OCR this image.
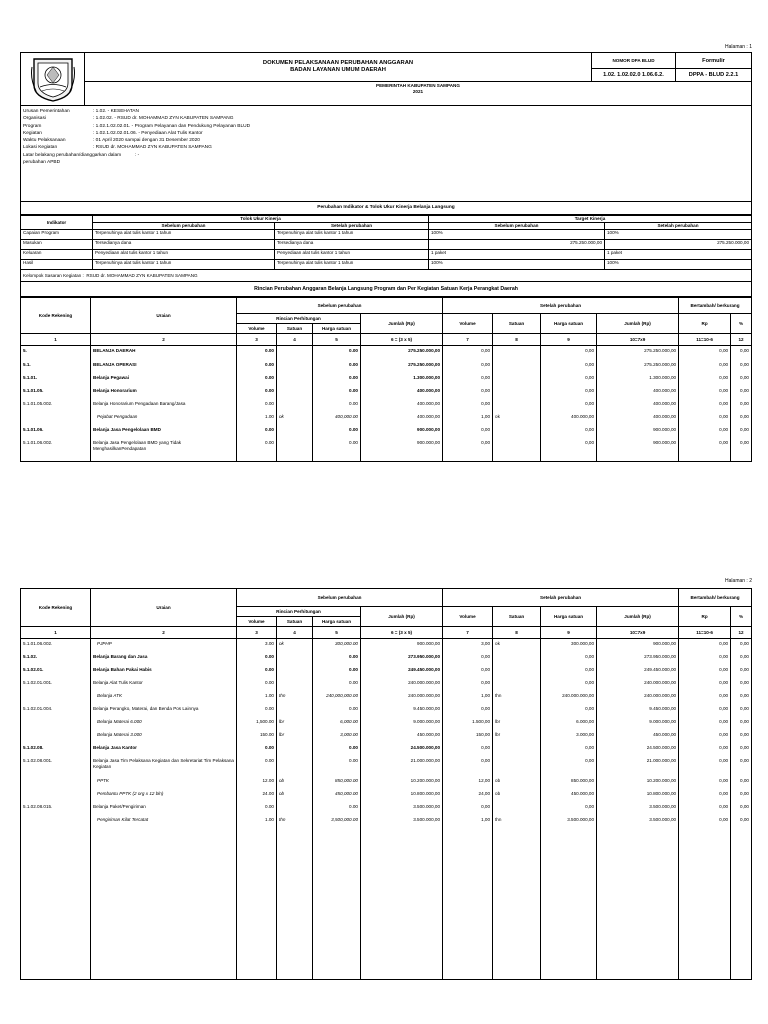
Halaman : 1

DOKUMEN PELAKSANAAN PERUBAHAN ANGGARAN
BADAN LAYANAN UMUM DAERAH	NOMOR DPA BLUD	Formulir
		1.02. 1.02.02.0 1.06.6.2.	DPPA - BLUD 2.2.1

	PEMERINTAH KABUPATEN SAMPANG
2021		
Urusan Pemerintahan	: 1.02. - KESEHATAN
Organisasi	: 1.02.02. - RSUD dr. MOHAMMAD ZYN KABUPATEN SAMPANG
Program	: 1.02.1.02.02.01. - Program Pelayanan dan Pendukung Pelayanan BLUD
Kegiatan	: 1.02.1.02.02.01.06. - Penyediaan Alat Tulis Kantor
Waktu Pelaksanaan	: 01 April 2020 sampai dengan 31 Desember 2020
Lokasi Kegiatan	: RSUD dr. MOHAMMAD ZYN KABUPATEN SAMPANG
Latar belakang perubahan/dianggarkan dalam	: -
perubahan APBD
Perubahan Indikator & Tolok Ukur Kinerja Belanja Langsung
Indikator	Tolok Ukur Kinerja		Target Kinerja	
	Sebelum perubahan	Setelah perubahan	Sebelum perubahan	Setelah perubahan
Capaian Program	Terpenuhinya alat tulis kantor 1 tahun	Terpenuhinya alat tulis kantor 1 tahun	100%	100%
Masukan	Tersedianya dana	Tersedianya dana	275.250.000,00	275.250.000,00
Keluaran	Penyediaan alat tulis kantor 1 tahun	Penyediaan alat tulis kantor 1 tahun	1 paket	1 paket
Hasil	Terpenuhinya alat tulis kantor 1 tahun	Terpenuhinya alat tulis kantor 1 tahun	100%	100%
Kelompok Sasaran Kegiatan : RSUD dr. MOHAMMAD ZYN KABUPATEN SAMPANG				
Rincian Perubahan Anggaran Belanja Langsung Program dan Per Kegiatan Satuan Kerja Perangkat Daerah
Kode Rekening	Uraian	Sebelum perubahan				Setelah perubahan				Bertambah/ berkurang	
		Rincian Perhitungan			Jumlah (Rp)	Volume	Satuan	Harga satuan	Jumlah (Rp)	Rp	%
		Volume	Satuan	Harga satuan							
1	2	3	4	5	6 = (3 x 5)	7	8	9	10=7x9	11=10-6	12
5.	BELANJA DAERAH	0.00		0.00	275.250.000,00	0,00		0,00	275.250.000,00	0,00	0,00
5.1.	BELANJA OPERASI	0.00		0.00	275.250.000,00	0,00		0,00	275.250.000,00	0,00	0,00
5.1.01.	Belanja Pegawai	0.00		0.00	1.300.000,00	0,00		0,00	1.300.000,00	0,00	0,00
5.1.01.05.	Belanja Honorarium	0.00		0.00	400.000,00	0,00		0,00	400.000,00	0,00	0,00
5.1.01.05.002.	Belanja Honorarium Pengadaan Barang/Jasa	0.00		0.00	400.000,00	0,00		0,00	400.000,00	0,00	0,00
	Pejabat Pengadaan	1.00	ok	400,000.00	400.000,00	1,00	ok	400.000,00	400.000,00	0,00	0,00
5.1.01.06.	Belanja Jasa Pengelolaan BMD	0.00		0.00	900.000,00	0,00		0,00	900.000,00	0,00	0,00
5.1.01.06.002.	Belanja Jasa Pengelolaan BMD yang Tidak MenghasilkanPendapatan	0.00		0.00	900.000,00	0,00		0,00	900.000,00	0,00	0,00

Halaman : 2
Kode Rekening	Uraian	Sebelum perubahan				Setelah perubahan				Bertambah/ berkurang	
		Rincian Perhitungan			Jumlah (Rp)	Volume	Satuan	Harga satuan	Jumlah (Rp)	Rp	%
		Volume	Satuan	Harga satuan							
1	2	3	4	5	6 = (3 x 5)	7	8	9	10=7x9	11=10-6	12
5.1.01.06.002.	PJPHP	3.00	ok	300,000.00	900.000,00	3,00	ok	300.000,00	900.000,00	0,00	0,00
5.1.02.	Belanja Barang dan Jasa	0.00		0.00	273.950.000,00	0,00		0,00	273.950.000,00	0,00	0,00
5.1.02.01.	Belanja Bahan Pakai Habis	0.00		0.00	249.450.000,00	0,00		0,00	249.450.000,00	0,00	0,00
5.1.02.01.001.	Belanja Alat Tulis Kantor	0.00		0.00	240.000.000,00	0,00		0,00	240.000.000,00	0,00	0,00
	Belanja ATK	1.00	thn	240,000,000.00	240.000.000,00	1,00	thn	240.000.000,00	240.000.000,00	0,00	0,00
5.1.02.01.004.	Belanja Perangko, Materai, dan Benda Pos Lainnya	0.00		0.00	9.450.000,00	0,00		0,00	9.450.000,00	0,00	0,00
	Belanja Materai 6.000	1,500.00	lbr	6,000.00	9.000.000,00	1.500,00	lbr	6.000,00	9.000.000,00	0,00	0,00
	Belanja Materai 3.000	150.00	lbr	3,000.00	450.000,00	150,00	lbr	3.000,00	450.000,00	0,00	0,00
5.1.02.08.	Belanja Jasa Kantor	0.00		0.00	24.500.000,00	0,00		0,00	24.500.000,00	0,00	0,00
5.1.02.08.001.	Belanja Jasa Tim Pelaksana Kegiatan dan Sekretariat Tim Pelaksana Kegiatan	0.00		0.00	21.000.000,00	0,00		0,00	21.000.000,00	0,00	0,00
	PPTK	12.00	ob	850,000.00	10.200.000,00	12,00	ob	850.000,00	10.200.000,00	0,00	0,00
	Pembantu PPTK (2 org x 12 bln)	24.00	ob	450,000.00	10.800.000,00	24,00	ob	450.000,00	10.800.000,00	0,00	0,00
5.1.02.08.015.	Belanja Paket/Pengiriman	0.00		0.00	3.500.000,00	0,00		0,00	3.500.000,00	0,00	0,00
	Pengiriman Kilat Tercatat	1.00	thn	3,500,000.00	3.500.000,00	1,00	thn	3.500.000,00	3.500.000,00	0,00	0,00
